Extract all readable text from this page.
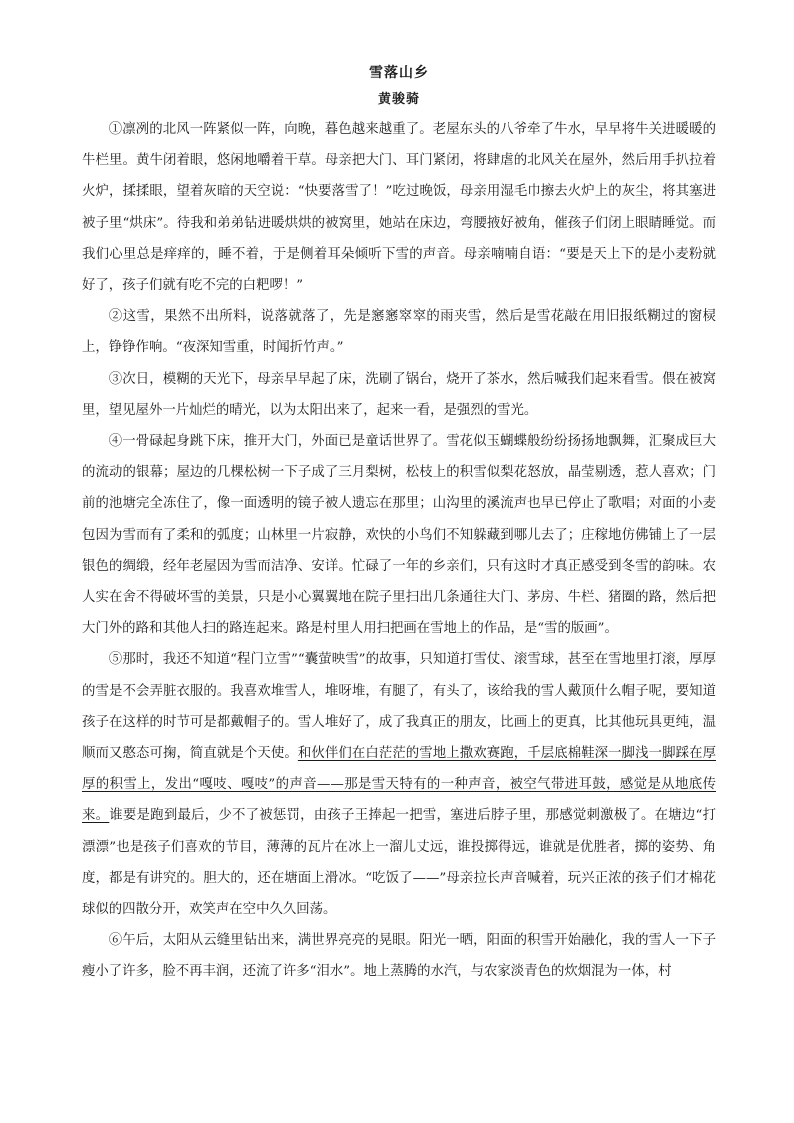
雪落山乡
黄骏骑

①凛冽的北风一阵紧似一阵，向晚，暮色越来越重了。老屋东头的八爷牵了牛水，早早将牛关进暖暖的牛栏里。黄牛闭着眼，悠闲地嚼着干草。母亲把大门、耳门紧闭，将肆虐的北风关在屋外，然后用手扒拉着火炉，揉揉眼，望着灰暗的天空说：“快要落雪了！”吃过晚饭，母亲用湿毛巾擦去火炉上的灰尘，将其塞进被子里“烘床”。待我和弟弟钻进暖烘烘的被窝里，她站在床边，弯腰掖好被角，催孩子们闭上眼睛睡觉。而我们心里总是痒痒的，睡不着，于是侧着耳朵倾听下雪的声音。母亲喃喃自语：“要是天上下的是小麦粉就好了，孩子们就有吃不完的白粑啰！”

②这雪，果然不出所料，说落就落了，先是窸窸窣窣的雨夹雪，然后是雪花敲在用旧报纸糊过的窗棂上，铮铮作响。“夜深知雪重，时闻折竹声。”

③次日，模糊的天光下，母亲早早起了床，洗刷了锅台，烧开了茶水，然后喊我们起来看雪。偎在被窝里，望见屋外一片灿烂的晴光，以为太阳出来了，起来一看，是强烈的雪光。

④一骨碌起身跳下床，推开大门，外面已是童话世界了。雪花似玉蝴蝶般纷纷扬扬地飘舞，汇聚成巨大的流动的银幕；屋边的几棵松树一下子成了三月梨树，松枝上的积雪似梨花怒放，晶莹剔透，惹人喜欢；门前的池塘完全冻住了，像一面透明的镜子被人遗忘在那里；山沟里的溪流声也早已停止了歌唱；对面的小麦包因为雪而有了柔和的弧度；山林里一片寂静，欢快的小鸟们不知躲藏到哪儿去了；庄稼地仿佛铺上了一层银色的绸缎，经年老屋因为雪而洁净、安详。忙碌了一年的乡亲们，只有这时才真正感受到冬雪的韵味。农人实在舍不得破坏雪的美景，只是小心翼翼地在院子里扫出几条通往大门、茅房、牛栏、猪圈的路，然后把大门外的路和其他人扫的路连起来。路是村里人用扫把画在雪地上的作品，是“雪的版画”。

⑤那时，我还不知道“程门立雪”“囊萤映雪”的故事，只知道打雪仗、滚雪球，甚至在雪地里打滚，厚厚的雪是不会弄脏衣服的。我喜欢堆雪人，堆呀堆，有腿了，有头了，该给我的雪人戴顶什么帽子呢，要知道孩子在这样的时节可是都戴帽子的。雪人堆好了，成了我真正的朋友，比画上的更真，比其他玩具更纯，温顺而又憨态可掬，简直就是个天使。和伙伴们在白茫茫的雪地上撒欢赛跑，千层底棉鞋深一脚浅一脚踩在厚厚的积雪上，发出“嘎吱、嘎吱”的声音——那是雪天特有的一种声音，被空气带进耳鼓，感觉是从地底传来。谁要是跑到最后，少不了被惩罚，由孩子王捧起一把雪，塞进后脖子里，那感觉刺激极了。在塘边“打漂漂”也是孩子们喜欢的节目，薄薄的瓦片在冰上一溜儿丈远，谁投掷得远，谁就是优胜者，掷的姿势、角度，都是有讲究的。胆大的，还在塘面上滑冰。“吃饭了——”母亲拉长声音喊着，玩兴正浓的孩子们才棉花球似的四散分开，欢笑声在空中久久回荡。

⑥午后，太阳从云缝里钻出来，满世界亮亮的晃眼。阳光一晒，阳面的积雪开始融化，我的雪人一下子瘦小了许多，脸不再丰润，还流了许多“泪水”。地上蒸腾的水汽，与农家淡青色的炊烟混为一体，村
